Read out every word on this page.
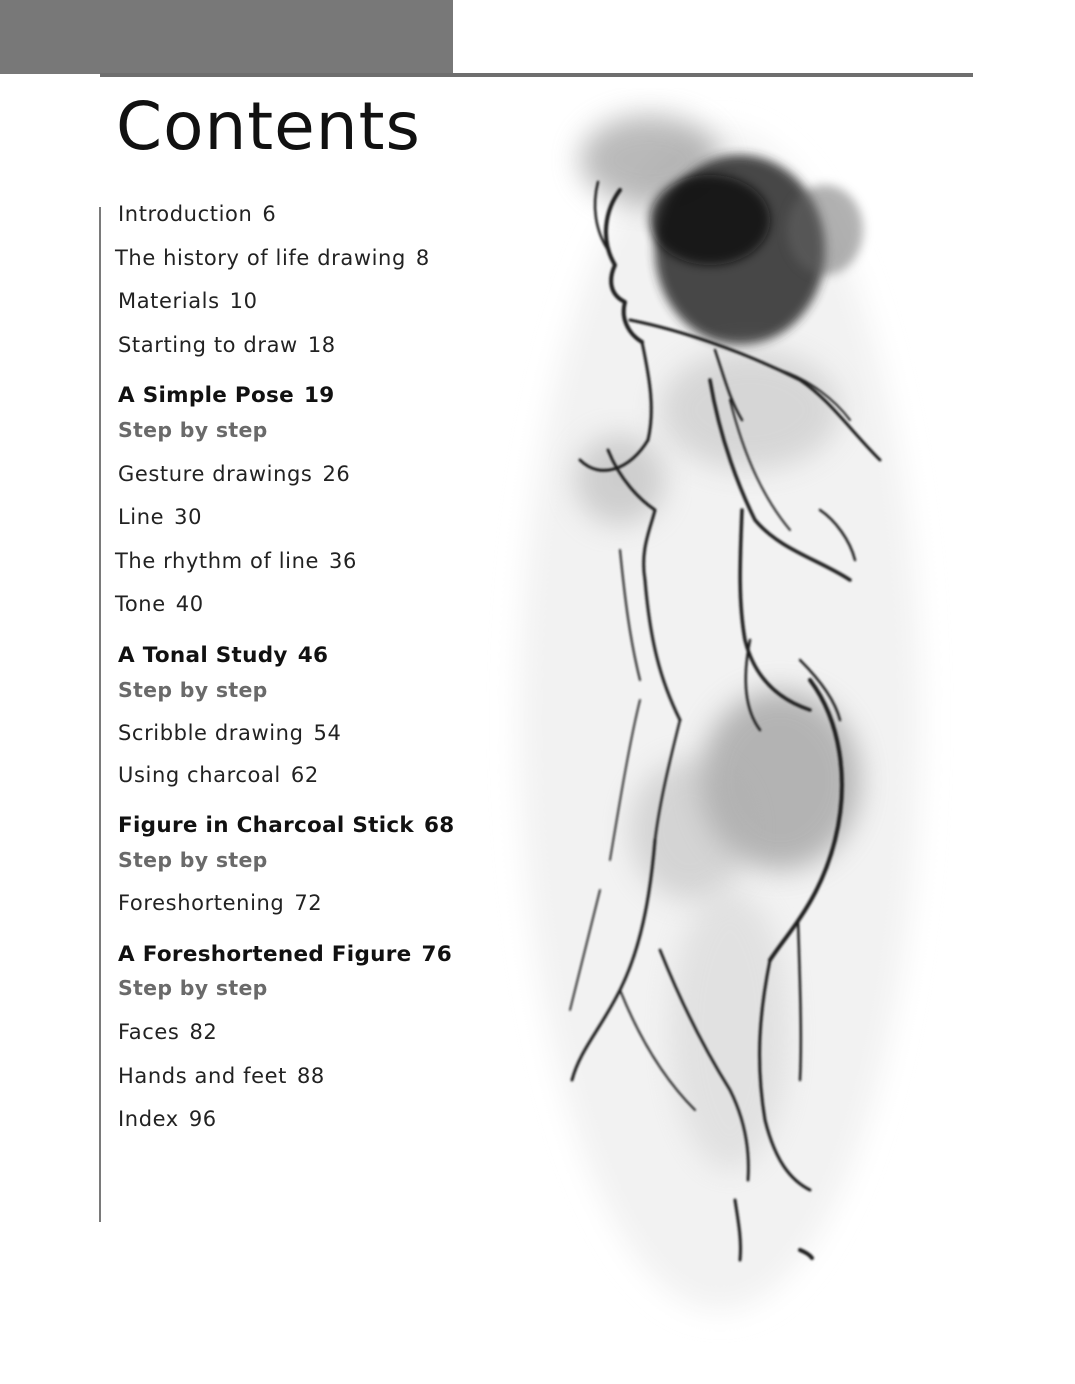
Contents
Introduction 6
The history of life drawing 8
Materials 10
Starting to draw 18
A Simple Pose 19
Step by step
Gesture drawings 26
Line 30
The rhythm of line 36
Tone 40
A Tonal Study 46
Step by step
Scribble drawing 54
Using charcoal 62
Figure in Charcoal Stick 68
Step by step
Foreshortening 72
A Foreshortened Figure 76
Step by step
Faces 82
Hands and feet 88
Index 96
